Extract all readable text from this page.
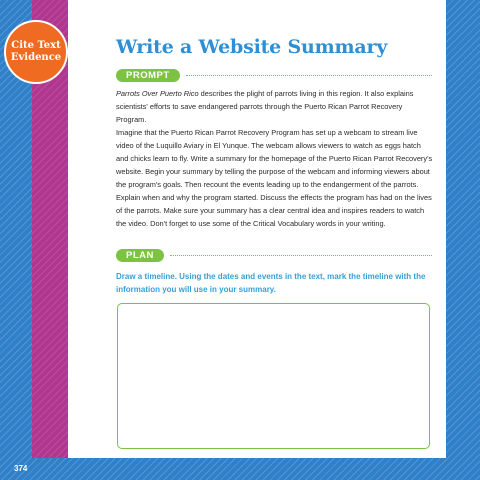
Cite Text
Evidence	Write a Website Summary
PROMPT

Parrots Over Puerto Rico describes the plight of parrots living in this region. It also explains scientists' efforts to save endangered parrots through the Puerto Rican Parrot Recovery Program.

Imagine that the Puerto Rican Parrot Recovery Program has set up a webcam to stream live video of the Luquillo Aviary in El Yunque. The webcam allows viewers to watch as eggs hatch and chicks learn to fly. Write a summary for the homepage of the Puerto Rican Parrot Recovery's website. Begin your summary by telling the purpose of the webcam and informing viewers about the program's goals. Then recount the events leading up to the endangerment of the parrots. Explain when and why the program started. Discuss the effects the program has had on the lives of the parrots. Make sure your summary has a clear central idea and inspires readers to watch the video. Don't forget to use some of the Critical Vocabulary words in your writing.

PLAN

Draw a timeline. Using the dates and events in the text, mark the timeline with the information you will use in your summary.

374
